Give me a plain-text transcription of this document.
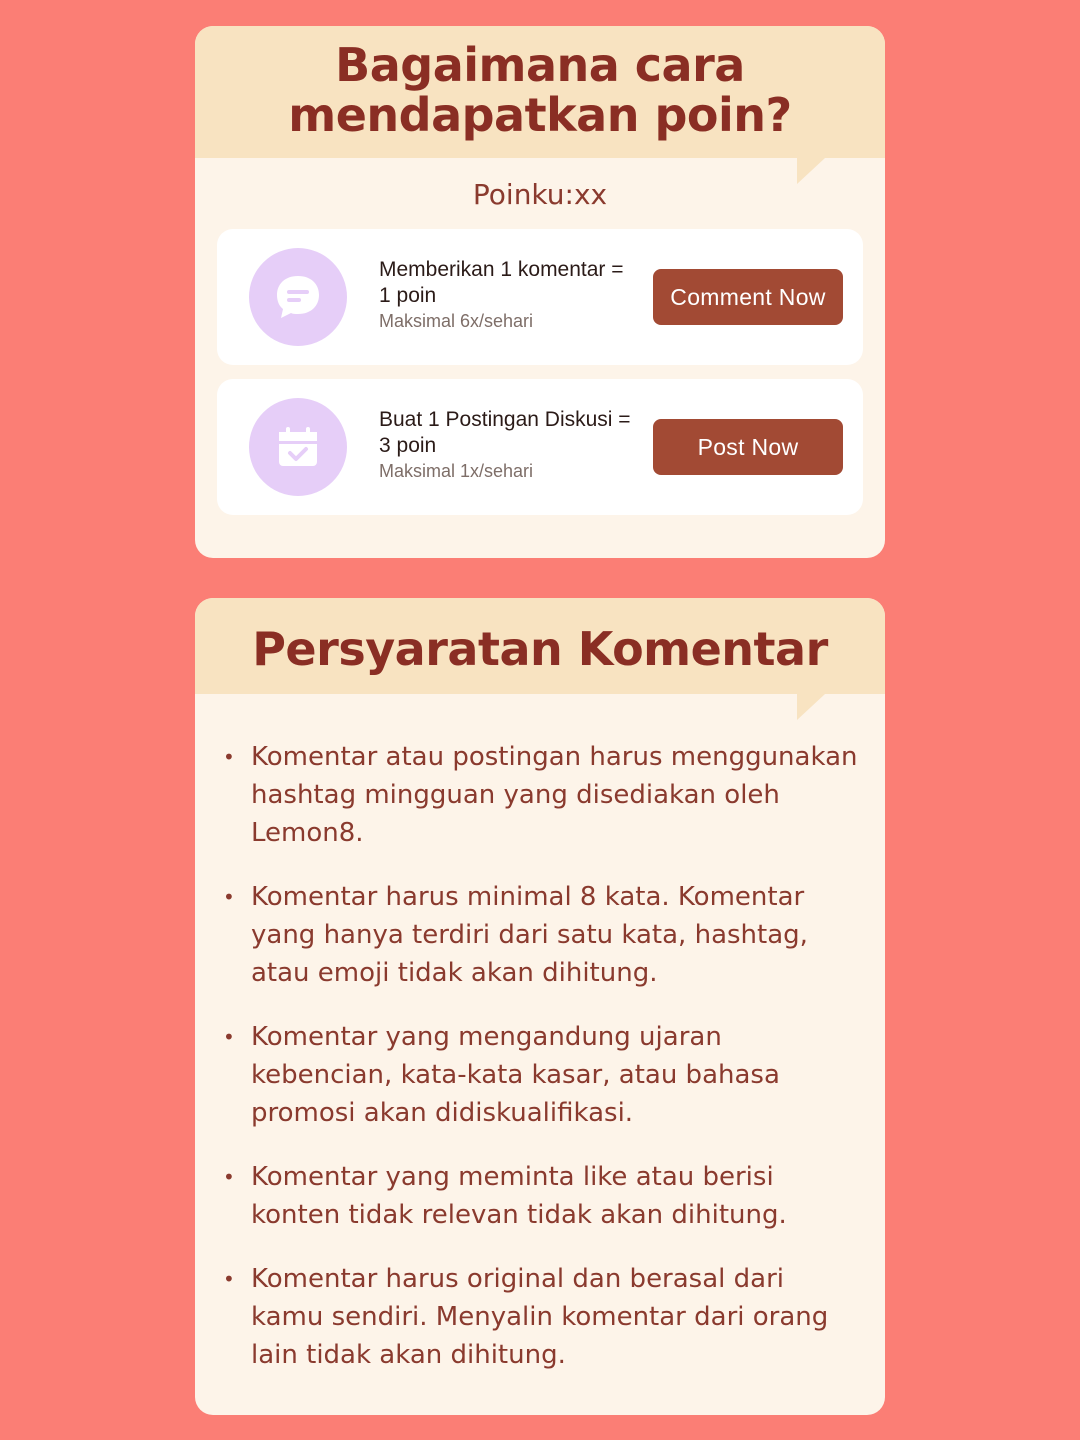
Bagaimana cara mendapatkan poin?
Poinku:xx
Memberikan 1 komentar = 1 poin
Maksimal 6x/sehari
Comment Now
Buat 1 Postingan Diskusi = 3 poin
Maksimal 1x/sehari
Post Now
Persyaratan Komentar
• Komentar atau postingan harus menggunakan hashtag mingguan yang disediakan oleh Lemon8.
• Komentar harus minimal 8 kata. Komentar yang hanya terdiri dari satu kata, hashtag, atau emoji tidak akan dihitung.
• Komentar yang mengandung ujaran kebencian, kata-kata kasar, atau bahasa promosi akan didiskualifikasi.
• Komentar yang meminta like atau berisi konten tidak relevan tidak akan dihitung.
• Komentar harus original dan berasal dari kamu sendiri. Menyalin komentar dari orang lain tidak akan dihitung.
